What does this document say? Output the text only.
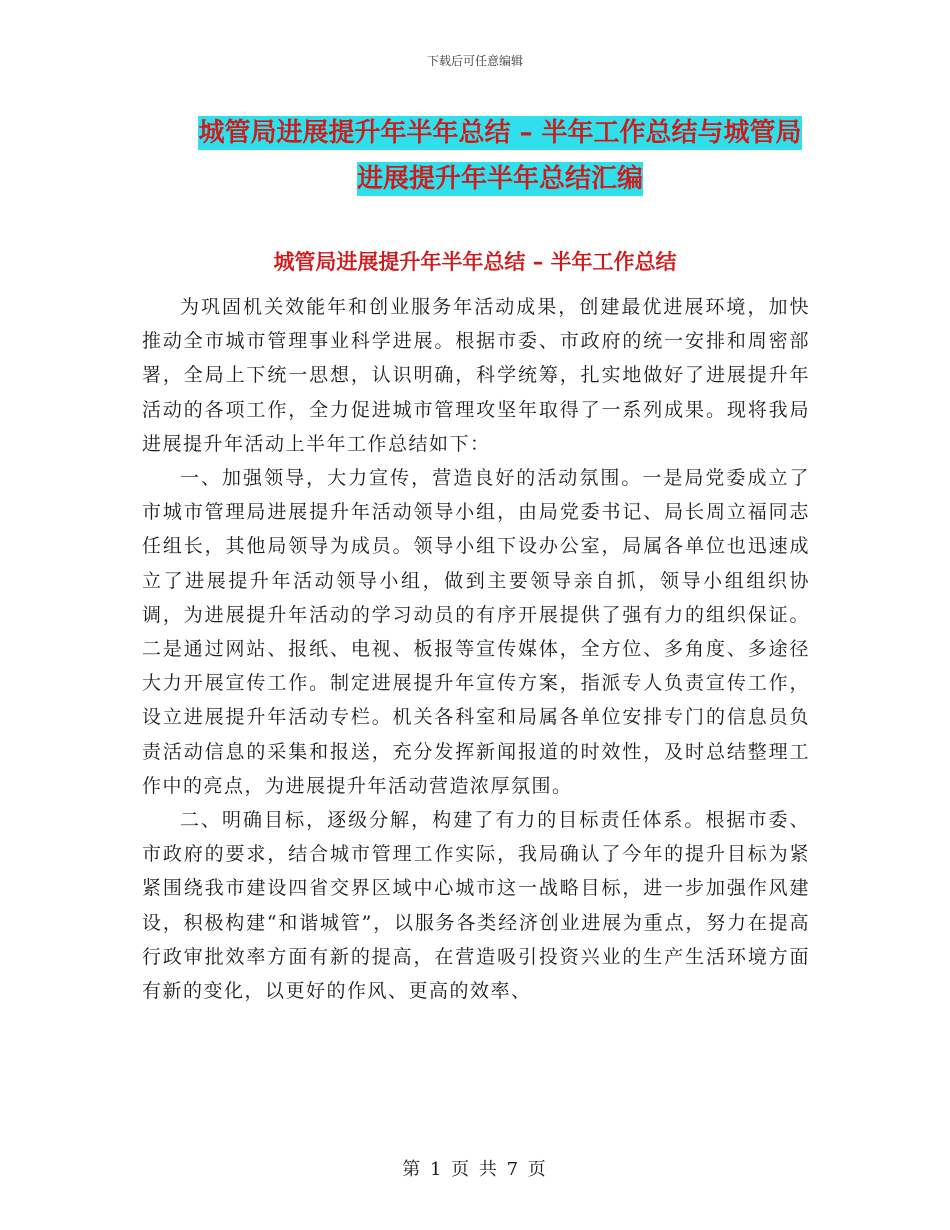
下载后可任意编辑
城管局进展提升年半年总结 – 半年工作总结与城管局
进展提升年半年总结汇编
城管局进展提升年半年总结 – 半年工作总结

为巩固机关效能年和创业服务年活动成果，创建最优进展环境，加快推动全市城市管理事业科学进展。根据市委、市政府的统一安排和周密部署，全局上下统一思想，认识明确，科学统筹，扎实地做好了进展提升年活动的各项工作，全力促进城市管理攻坚年取得了一系列成果。现将我局进展提升年活动上半年工作总结如下：

一、加强领导，大力宣传，营造良好的活动氛围。一是局党委成立了市城市管理局进展提升年活动领导小组，由局党委书记、局长周立福同志任组长，其他局领导为成员。领导小组下设办公室，局属各单位也迅速成立了进展提升年活动领导小组，做到主要领导亲自抓，领导小组组织协调，为进展提升年活动的学习动员的有序开展提供了强有力的组织保证。二是通过网站、报纸、电视、板报等宣传媒体，全方位、多角度、多途径大力开展宣传工作。制定进展提升年宣传方案，指派专人负责宣传工作，设立进展提升年活动专栏。机关各科室和局属各单位安排专门的信息员负责活动信息的采集和报送，充分发挥新闻报道的时效性，及时总结整理工作中的亮点，为进展提升年活动营造浓厚氛围。

二、明确目标，逐级分解，构建了有力的目标责任体系。根据市委、市政府的要求，结合城市管理工作实际，我局确认了今年的提升目标为紧紧围绕我市建设四省交界区域中心城市这一战略目标，进一步加强作风建设，积极构建“和谐城管”，以服务各类经济创业进展为重点，努力在提高行政审批效率方面有新的提高，在营造吸引投资兴业的生产生活环境方面有新的变化，以更好的作风、更高的效率、

第 1 页 共 7 页
